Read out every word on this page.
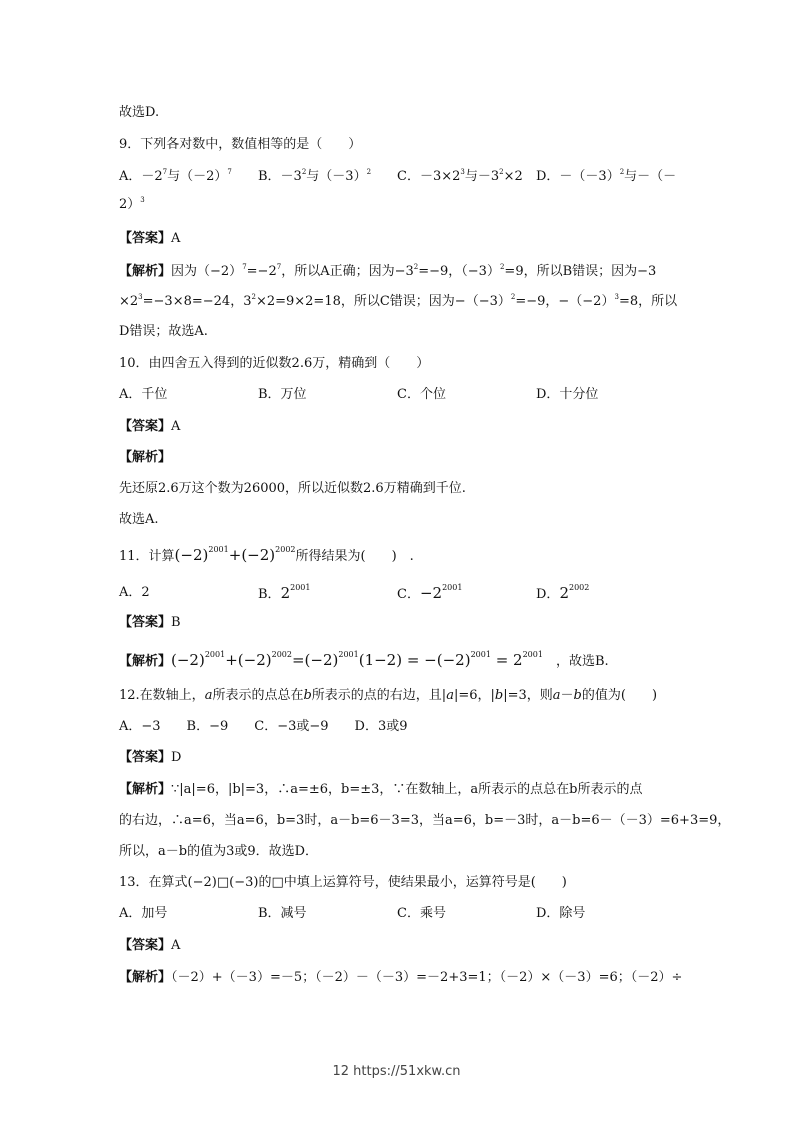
故选D.
9．下列各对数中，数值相等的是（　　）
A．$-2^7$与$(-2)^7$ B．$-3^2$与$(-3)^2$ C．$-3\times 2^3$与$-3^2\times 2$ D．$-(-3)^2$与－（－
2）$^3$
【答案】A
【解析】因为$(-2)^7=-2^7$，所以A正确；因为$-3^2=-9$，$(-3)^2=9$，所以B错误；因为−3
$\times 2^3=-3\times 8=-24$，$3^2\times 2=9\times 2=18$，所以C错误；因为$-(-3)^2=-9$，$-(-2)^3=8$，所以
D错误；故选A.
10．由四舍五入得到的近似数2.6万，精确到（　　）
A．千位	B．万位	C．个位	D．十分位
【答案】A
【解析】
先还原2.6万这个数为26000，所以近似数2.6万精确到千位.
故选A.
11．计算$(-2)^{2001}+(-2)^{2002}$所得结果为(　　)　.
A．2	B．$2^{2001}$	C．$-2^{2001}$	D．$2^{2002}$
【答案】B
【解析】$(-2)^{2001}+(-2)^{2002}=(-2)^{2001}(1-2) = -(-2)^{2001} = 2^{2001}$　，故选B.
12.在数轴上，a所表示的点总在b所表示的点的右边，且|a|=6，|b|=3，则a－b的值为(　　)
A．−3　　B．−9　　C．−3或−9　　D．3或9
【答案】D
【解析】∵|a|=6，|b|=3，∴a=±6，b=±3，∵在数轴上，a所表示的点总在b所表示的点
的右边，∴a=6，当a=6，b=3时，a－b=6－3=3，当a=6，b=－3时，a－b=6－（－3）=6+3=9，
所以，a－b的值为3或9．故选D．
13．在算式(−2)□(−3)的□中填上运算符号，使结果最小，运算符号是(　　)
A．加号	B．减号	C．乘号	D．除号
【答案】A
【解析】（－2）+（－3）=－5；（－2）－（－3）=－2+3=1；（－2）×（－3）=6；（－2）÷
12 https://51xkw.cn
